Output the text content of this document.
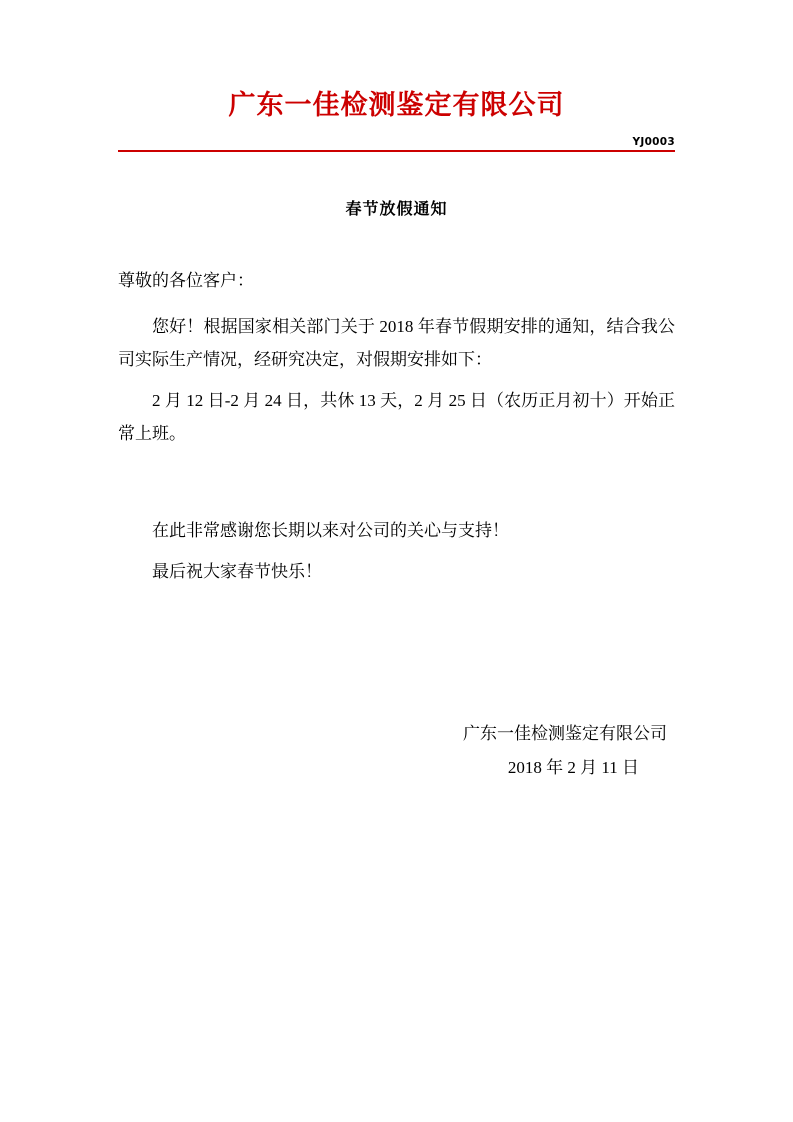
广东一佳检测鉴定有限公司
YJ0003
春节放假通知
尊敬的各位客户：
您好！根据国家相关部门关于 2018 年春节假期安排的通知，结合我公司实际生产情况，经研究决定，对假期安排如下：
2 月 12 日-2 月 24 日，共休 13 天，2 月 25 日（农历正月初十）开始正常上班。
在此非常感谢您长期以来对公司的关心与支持！
最后祝大家春节快乐！
广东一佳检测鉴定有限公司
2018 年 2 月 11 日
